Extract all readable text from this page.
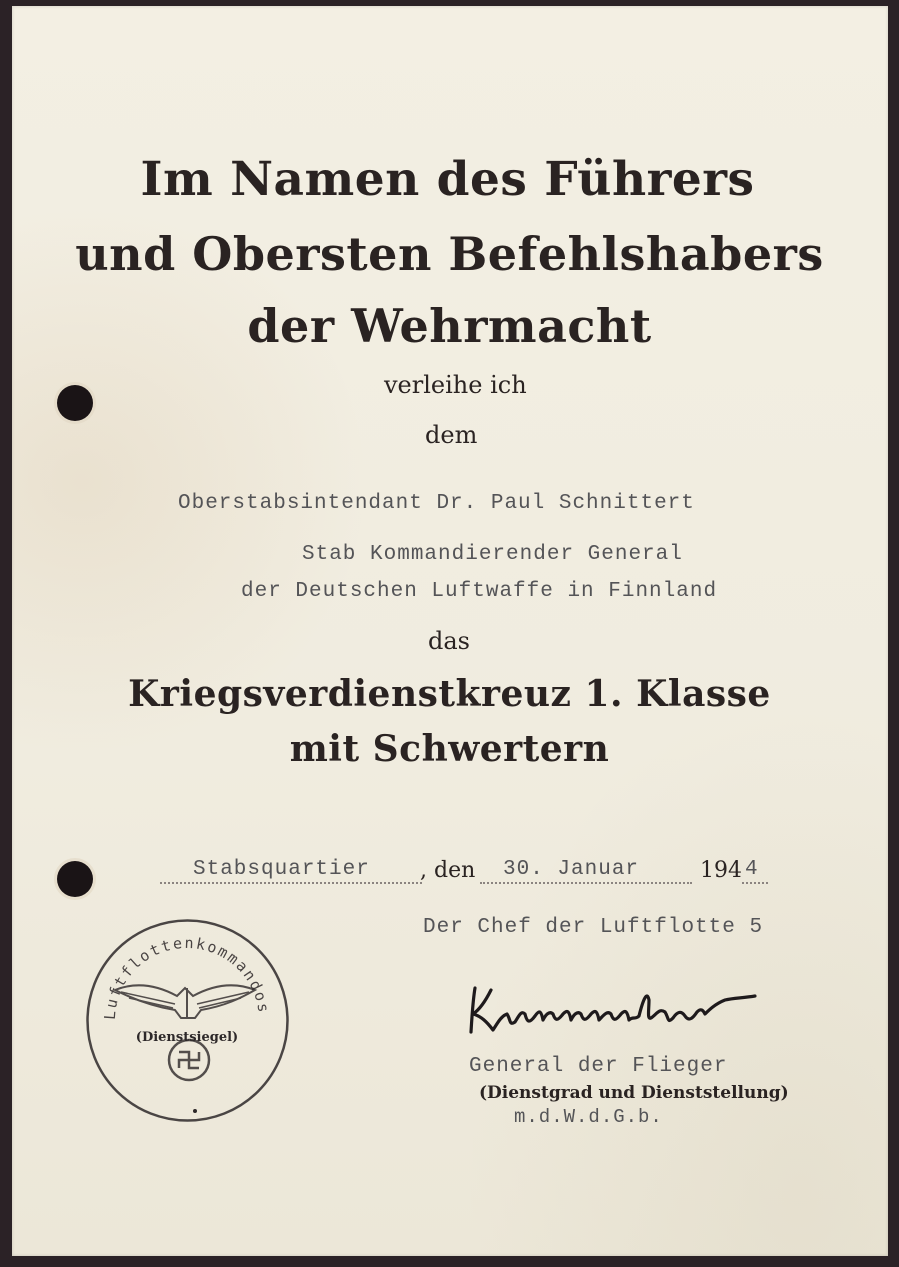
Im Namen des Führers
und Obersten Befehlshabers
der Wehrmacht
verleihe ich
dem
Oberstabsintendant Dr. Paul Schnittert
Stab Kommandierender General
der Deutschen Luftwaffe in Finnland
das
Kriegsverdienstkreuz 1. Klasse
mit Schwertern
Stabsquartier , den 30. Januar	194 4
Der Chef der Luftflotte 5
General der Flieger
(Dienstgrad und Dienststellung)
m.d.W.d.G.b.
Luftflottenkommandos
(Dienstsiegel)
